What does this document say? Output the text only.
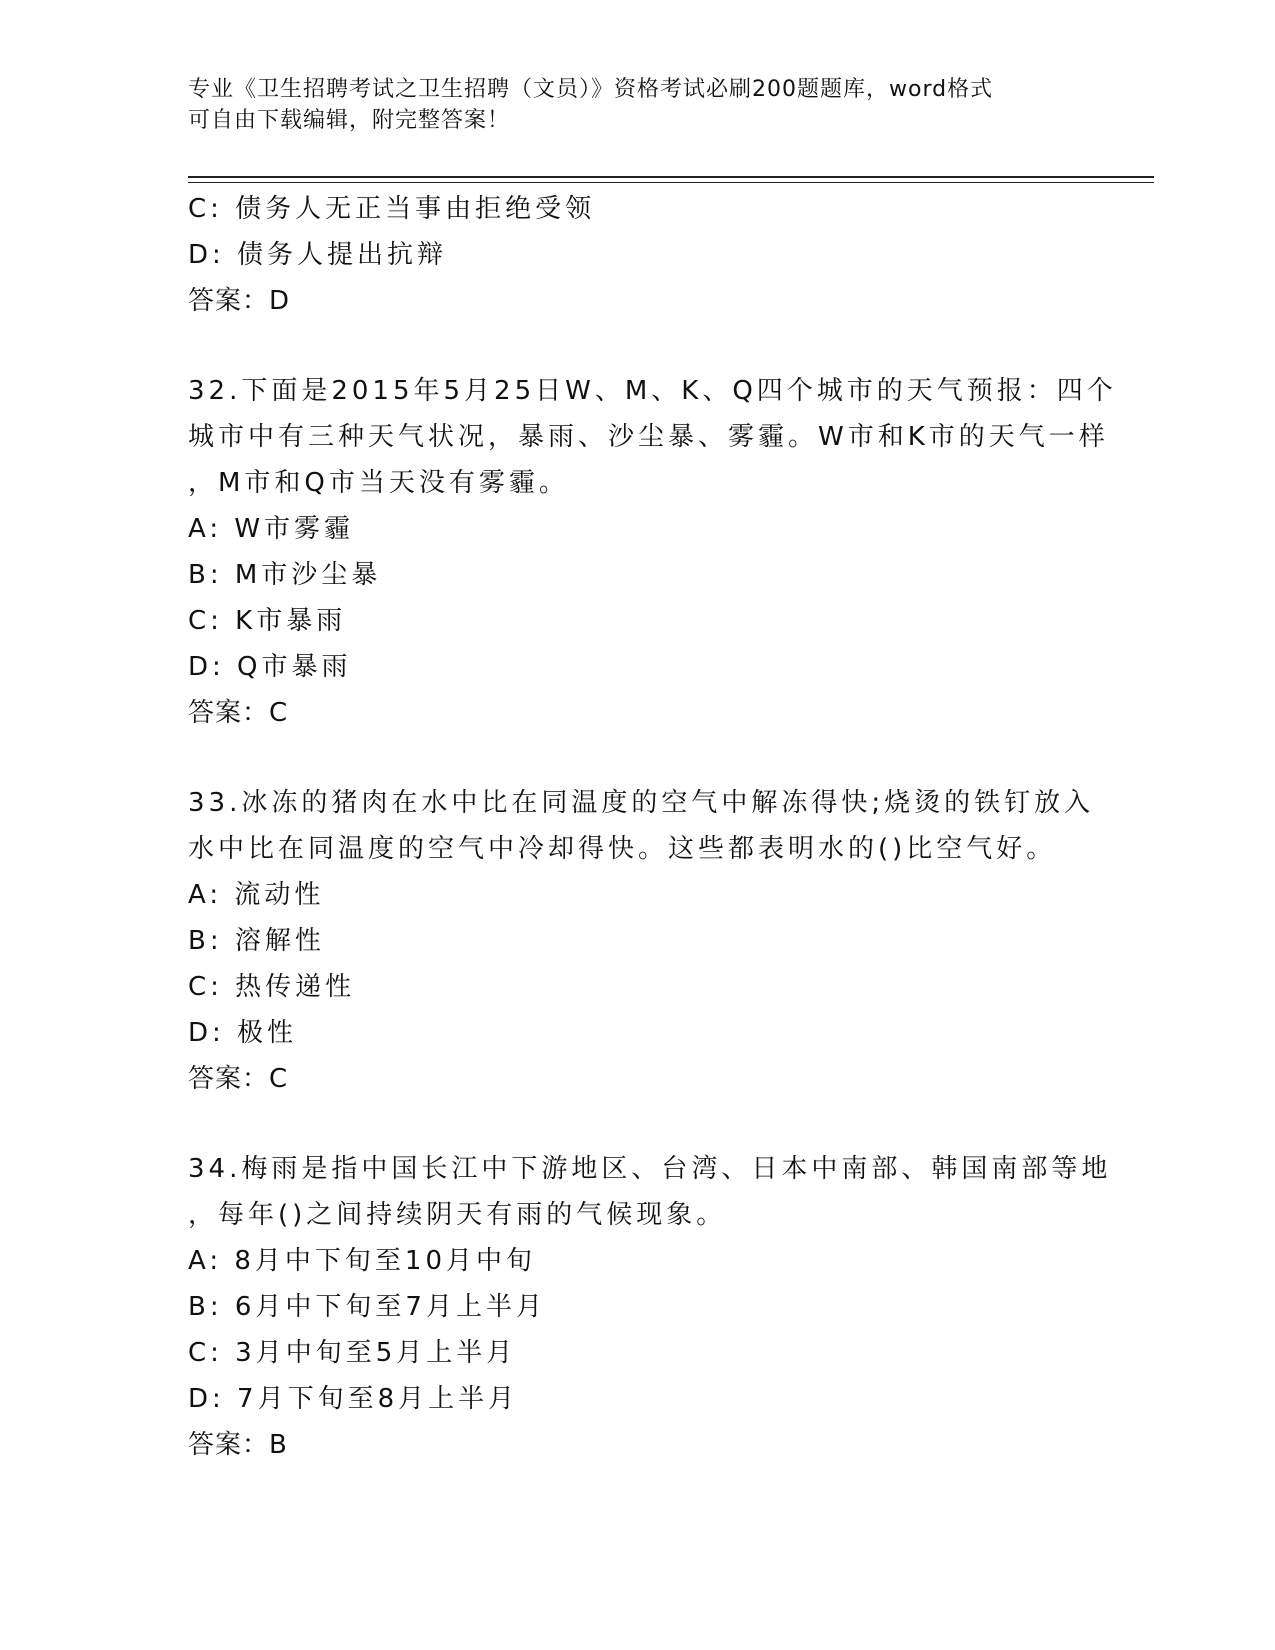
专业《卫生招聘考试之卫生招聘（文员）》资格考试必刷200题题库，word格式
可自由下载编辑，附完整答案！
C: 债务人无正当事由拒绝受领
D: 债务人提出抗辩
答案：D
32.下面是2015年5月25日W、M、K、Q四个城市的天气预报：四个
城市中有三种天气状况，暴雨、沙尘暴、雾霾。W市和K市的天气一样
，M市和Q市当天没有雾霾。
A: W市雾霾
B: M市沙尘暴
C: K市暴雨
D: Q市暴雨
答案：C
33.冰冻的猪肉在水中比在同温度的空气中解冻得快;烧烫的铁钉放入
水中比在同温度的空气中冷却得快。这些都表明水的()比空气好。
A: 流动性
B: 溶解性
C: 热传递性
D: 极性
答案：C
34.梅雨是指中国长江中下游地区、台湾、日本中南部、韩国南部等地
，每年()之间持续阴天有雨的气候现象。
A: 8月中下旬至10月中旬
B: 6月中下旬至7月上半月
C: 3月中旬至5月上半月
D: 7月下旬至8月上半月
答案：B
